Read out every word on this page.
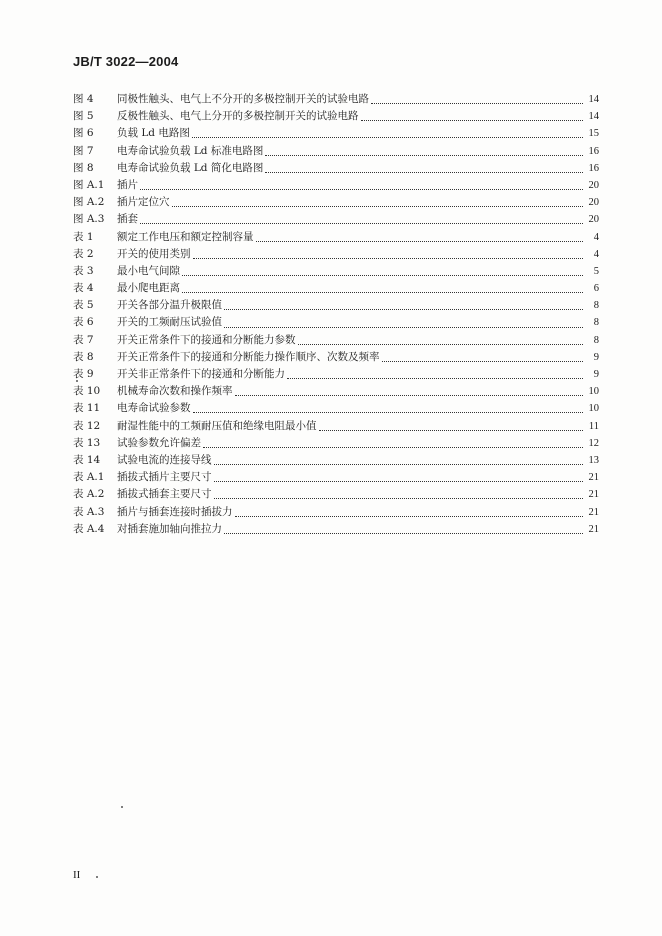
JB/T 3022—2004
图 4	同极性触头、电气上不分开的多极控制开关的试验电路	14
图 5	反极性触头、电气上分开的多极控制开关的试验电路	14
图 6	负载 Ld 电路图	15
图 7	电寿命试验负载 Ld 标准电路图	16
图 8	电寿命试验负载 Ld 简化电路图	16
图 A.1	插片	20
图 A.2	插片定位穴	20
图 A.3	插套	20
表 1	额定工作电压和额定控制容量	4
表 2	开关的使用类别	4
表 3	最小电气间隙	5
表 4	最小爬电距离	6
表 5	开关各部分温升极限值	8
表 6	开关的工频耐压试验值	8
表 7	开关正常条件下的接通和分断能力参数	8
表 8	开关正常条件下的接通和分断能力操作顺序、次数及频率	9
表 9	开关非正常条件下的接通和分断能力	9
表 10	机械寿命次数和操作频率	10
表 11	电寿命试验参数	10
表 12	耐湿性能中的工频耐压值和绝缘电阻最小值	11
表 13	试验参数允许偏差	12
表 14	试验电流的连接导线	13
表 A.1	插拔式插片主要尺寸	21
表 A.2	插拔式插套主要尺寸	21
表 A.3	插片与插套连接时插拔力	21
表 A.4	对插套施加轴向推拉力	21
II
